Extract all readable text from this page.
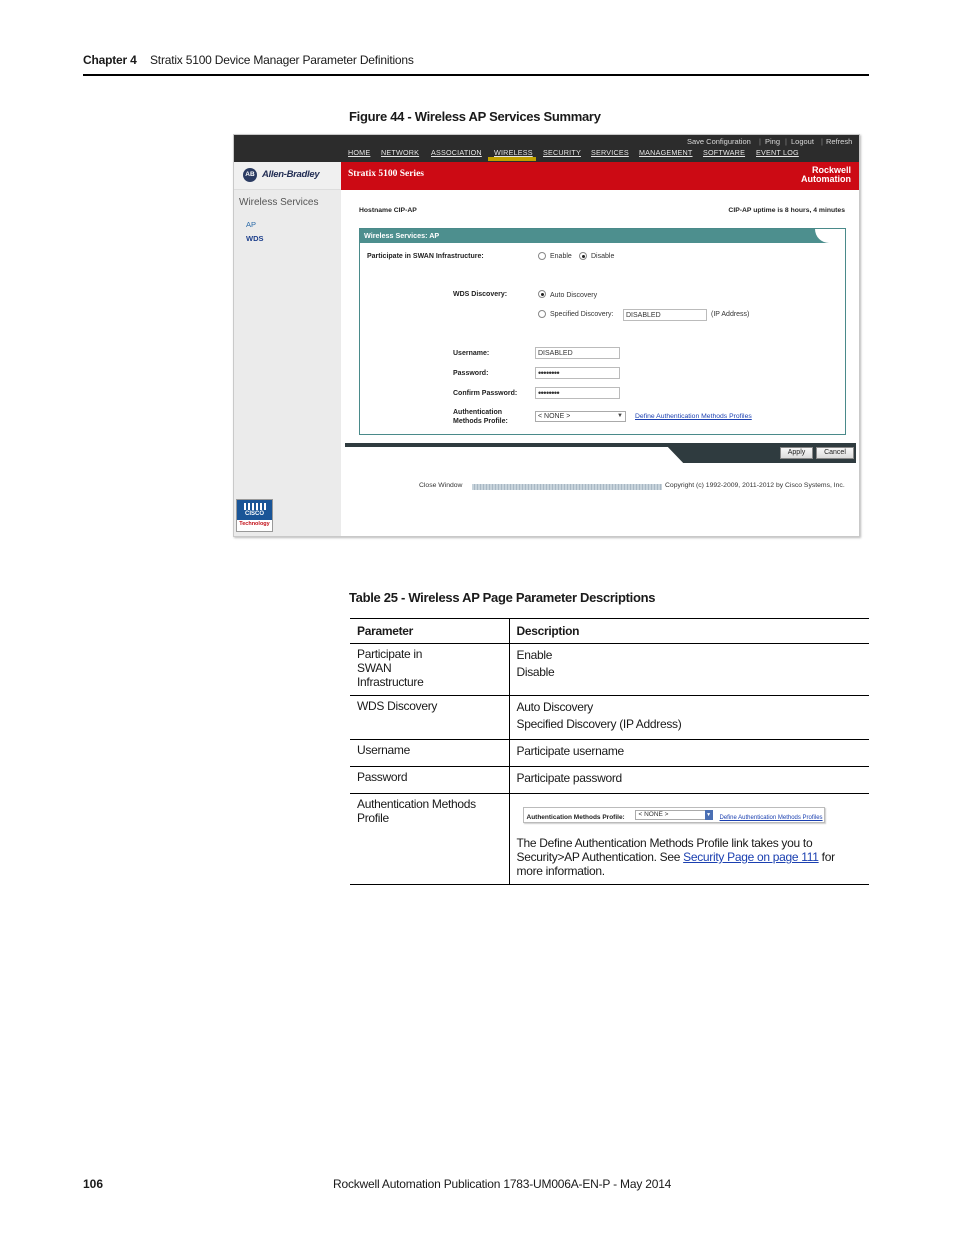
Chapter 4 Stratix 5100 Device Manager Parameter Definitions
Figure 44 - Wireless AP Services Summary
Save Configuration | Ping | Logout | Refresh
HOME NETWORK ASSOCIATION WIRELESS SECURITY SERVICES MANAGEMENT SOFTWARE EVENT LOG
AB Allen-Bradley	Stratix 5100 Series	Rockwell
Automation
Wireless Services
AP
WDS
CISCO
Technology
Hostname CIP-AP	CIP-AP uptime is 8 hours, 4 minutes
Wireless Services: AP
Participate in SWAN Infrastructure:	Enable	Disable
WDS Discovery:	Auto Discovery
Specified Discovery:	DISABLED	(IP Address)
Username:	DISABLED
Password:	••••••••
Confirm Password:	••••••••
Authentication
Methods Profile:
< NONE >	▼ Define Authentication Methods Profiles
Apply	Cancel
Close Window	Copyright (c) 1992-2009, 2011-2012 by Cisco Systems, Inc.
Table 25 - Wireless AP Page Parameter Descriptions
Parameter	Description
Participate in SWAN Infrastructure	Enable
Disable

WDS Discovery	Auto Discovery
Specified Discovery (IP Address)

Username	Participate username

Password	Participate password

Authentication Methods Profile	Authentication Methods Profile: < NONE > ▼ Define Authentication Methods Profiles
The Define Authentication Methods Profile link takes you to Security>AP Authentication. See Security Page on page 111 for more information.
106	Rockwell Automation Publication 1783-UM006A-EN-P - May 2014
